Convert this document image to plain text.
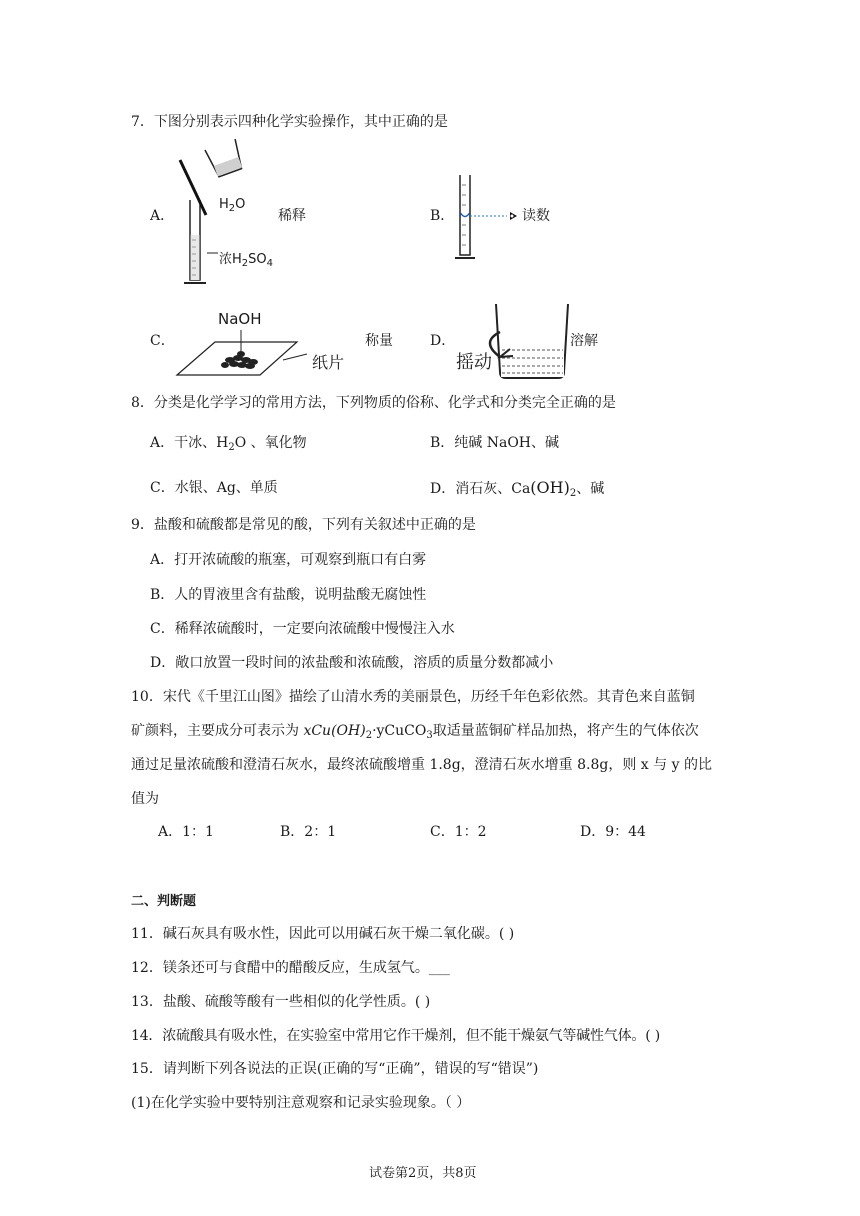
7．下图分别表示四种化学实验操作，其中正确的是
A．
$H_2O$
浓$H_2SO_4$
稀释	B．	读数
C．
NaOH
纸片
称量	D．
摇动
溶解
8．分类是化学学习的常用方法，下列物质的俗称、化学式和分类完全正确的是
A．干冰、$H_2O$ 、氧化物	B．纯碱 NaOH、碱
C．水银、Ag、单质	D．消石灰、$Ca(OH)_2$、碱
9．盐酸和硫酸都是常见的酸，下列有关叙述中正确的是
A．打开浓硫酸的瓶塞，可观察到瓶口有白雾
B．人的胃液里含有盐酸，说明盐酸无腐蚀性
C．稀释浓硫酸时，一定要向浓硫酸中慢慢注入水
D．敞口放置一段时间的浓盐酸和浓硫酸，溶质的质量分数都减小
10．宋代《千里江山图》描绘了山清水秀的美丽景色，历经千年色彩依然。其青色来自蓝铜
矿颜料，主要成分可表示为 $xCu(OH)_2\cdot yCuCO_3$取适量蓝铜矿样品加热，将产生的气体依次
通过足量浓硫酸和澄清石灰水，最终浓硫酸增重 1.8g，澄清石灰水增重 8.8g，则 x 与 y 的比
值为
A．1：1	B．2：1	C．1：2	D．9：44
二、判断题
11．碱石灰具有吸水性，因此可以用碱石灰干燥二氧化碳。( )
12．镁条还可与食醋中的醋酸反应，生成氢气。___
13．盐酸、硫酸等酸有一些相似的化学性质。( )
14．浓硫酸具有吸水性，在实验室中常用它作干燥剂，但不能干燥氨气等碱性气体。( )
15．请判断下列各说法的正误(正确的写“正确”，错误的写“错误”)
(1)在化学实验中要特别注意观察和记录实验现象。（ ）
试卷第2页，共8页
